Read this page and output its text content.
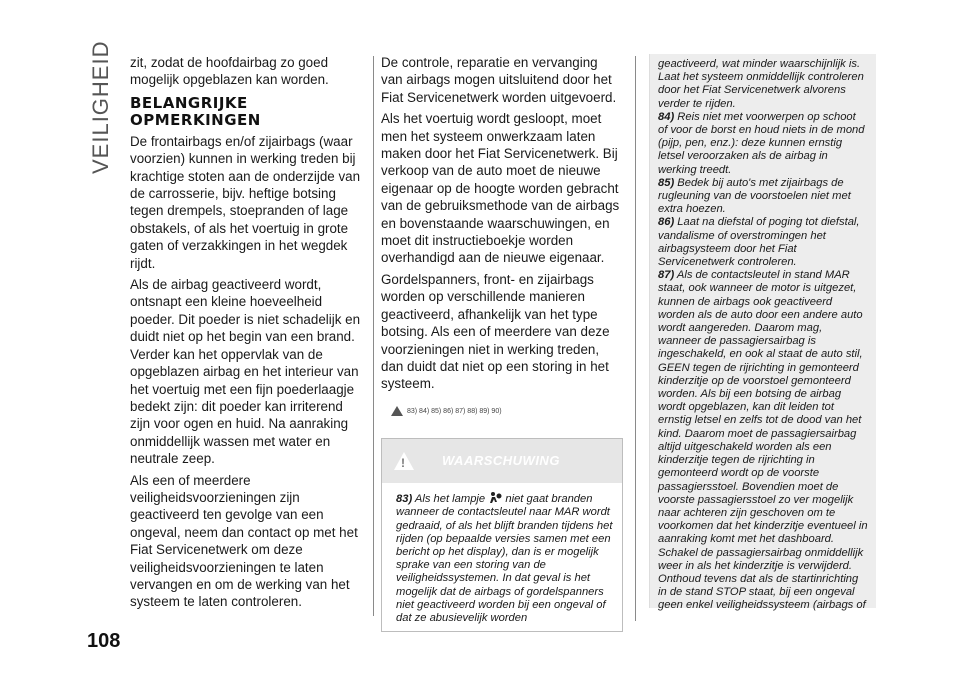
VEILIGHEID zit, zodat de hoofdairbag zo goed mogelijk opgeblazen kan worden.

BELANGRIJKE OPMERKINGEN

De frontairbags en/of zijairbags (waar voorzien) kunnen in werking treden bij krachtige stoten aan de onderzijde van de carrosserie, bijv. heftige botsing tegen drempels, stoepranden of lage obstakels, of als het voertuig in grote gaten of verzakkingen in het wegdek rijdt.

Als de airbag geactiveerd wordt, ontsnapt een kleine hoeveelheid poeder. Dit poeder is niet schadelijk en duidt niet op het begin van een brand. Verder kan het oppervlak van de opgeblazen airbag en het interieur van het voertuig met een fijn poederlaagje bedekt zijn: dit poeder kan irriterend zijn voor ogen en huid. Na aanraking onmiddellijk wassen met water en neutrale zeep.

Als een of meerdere veiligheidsvoorzieningen zijn geactiveerd ten gevolge van een ongeval, neem dan contact op met het Fiat Servicenetwerk om deze veiligheidsvoorzieningen te laten vervangen en om de werking van het systeem te laten controleren.

De controle, reparatie en vervanging van airbags mogen uitsluitend door het Fiat Servicenetwerk worden uitgevoerd.

Als het voertuig wordt gesloopt, moet men het systeem onwerkzaam laten maken door het Fiat Servicenetwerk. Bij verkoop van de auto moet de nieuwe eigenaar op de hoogte worden gebracht van de gebruiksmethode van de airbags en bovenstaande waarschuwingen, en moet dit instructieboekje worden overhandigd aan de nieuwe eigenaar.

Gordelspanners, front- en zijairbags worden op verschillende manieren geactiveerd, afhankelijk van het type botsing. Als een of meerdere van deze voorzieningen niet in werking treden, dan duidt dat niet op een storing in het systeem.

83) 84) 85) 86) 87) 88) 89) 90)
!
WAARSCHUWING

83) Als het lampje niet gaat branden wanneer de contactsleutel naar MAR wordt gedraaid, of als het blijft branden tijdens het rijden (op bepaalde versies samen met een bericht op het display), dan is er mogelijk sprake van een storing van de veiligheidssystemen. In dat geval is het mogelijk dat de airbags of gordelspanners niet geactiveerd worden bij een ongeval of dat ze abusievelijk worden

geactiveerd, wat minder waarschijnlijk is. Laat het systeem onmiddellijk controleren door het Fiat Servicenetwerk alvorens verder te rijden.

84) Reis niet met voorwerpen op schoot of voor de borst en houd niets in de mond (pijp, pen, enz.): deze kunnen ernstig letsel veroorzaken als de airbag in werking treedt.

85) Bedek bij auto's met zijairbags de rugleuning van de voorstoelen niet met extra hoezen.

86) Laat na diefstal of poging tot diefstal, vandalisme of overstromingen het airbagsysteem door het Fiat Servicenetwerk controleren.

87) Als de contactsleutel in stand MAR staat, ook wanneer de motor is uitgezet, kunnen de airbags ook geactiveerd worden als de auto door een andere auto wordt aangereden. Daarom mag, wanneer de passagiersairbag is ingeschakeld, en ook al staat de auto stil, GEEN tegen de rijrichting in gemonteerd kinderzitje op de voorstoel gemonteerd worden. Als bij een botsing de airbag wordt opgeblazen, kan dit leiden tot ernstig letsel en zelfs tot de dood van het kind. Daarom moet de passagiersairbag altijd uitgeschakeld worden als een kinderzitje tegen de rijrichting in gemonteerd wordt op de voorste passagiersstoel. Bovendien moet de voorste passagiersstoel zo ver mogelijk naar achteren zijn geschoven om te voorkomen dat het kinderzitje eventueel in aanraking komt met het dashboard. Schakel de passagiersairbag onmiddellijk weer in als het kinderzitje is verwijderd. Onthoud tevens dat als de startinrichting in de stand STOP staat, bij een ongeval geen enkel veiligheidssysteem (airbags of

108
